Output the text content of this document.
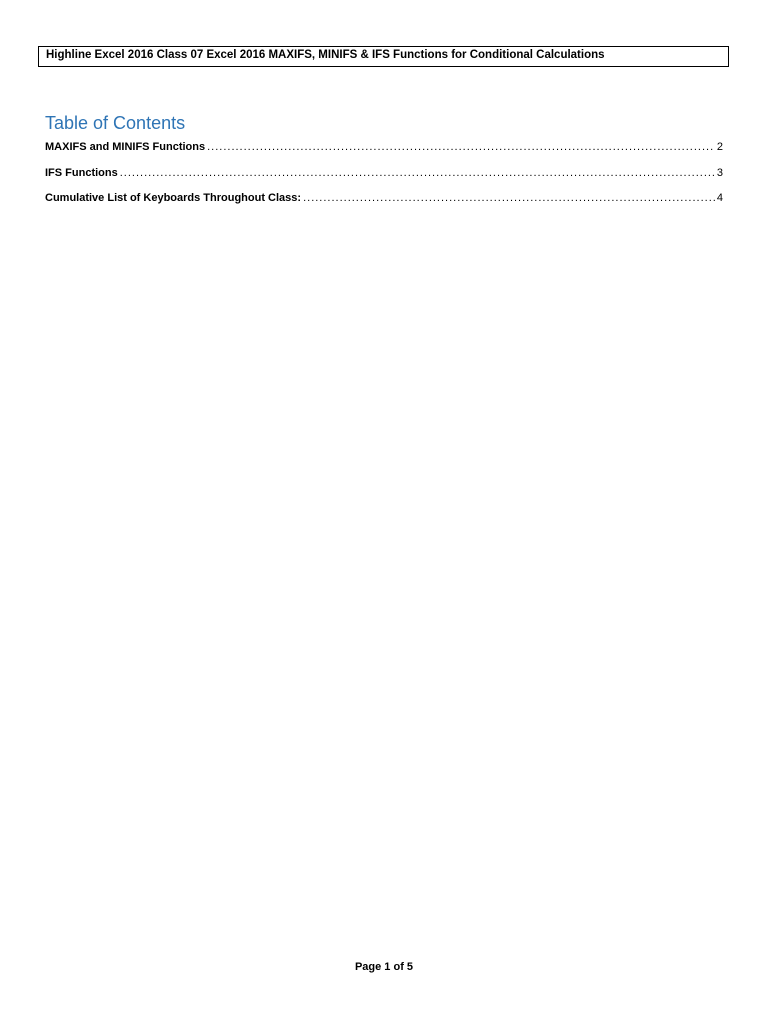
Highline Excel 2016 Class 07 Excel 2016 MAXIFS, MINIFS & IFS Functions for Conditional Calculations
Table of Contents
MAXIFS and MINIFS Functions .....	2
IFS Functions .....	3
Cumulative List of Keyboards Throughout Class: .....	4
Page 1 of 5
